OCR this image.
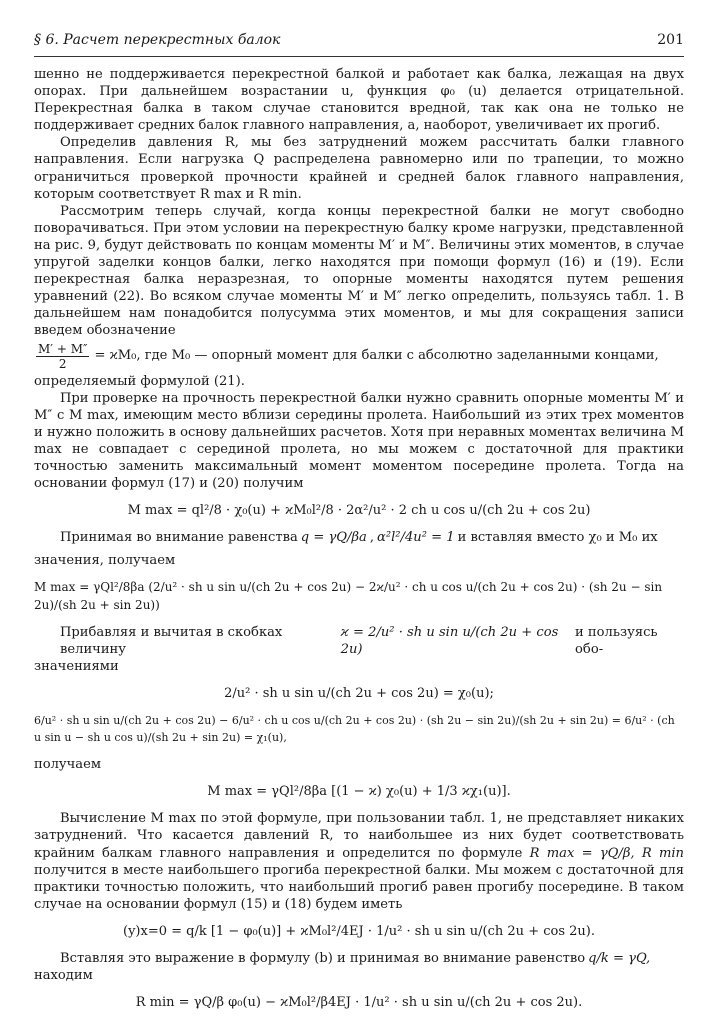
§ 6. Расчет перекрестных балок	201

шенно не поддерживается перекрестной балкой и работает как балка, лежащая на двух опорах. При дальнейшем возрастании u, функция φ₀ (u) делается отрицательной. Перекрестная балка в таком случае становится вредной, так как она не только не поддерживает средних балок главного направления, а, наоборот, увеличивает их прогиб.

Определив давления R, мы без затруднений можем рассчитать балки главного направления. Если нагрузка Q распределена равномерно или по трапеции, то можно ограничиться проверкой прочности крайней и средней балок главного направления, которым соответствует R max и R min.

Рассмотрим теперь случай, когда концы перекрестной балки не могут свободно поворачиваться. При этом условии на перекрестную балку кроме нагрузки, представленной на рис. 9, будут действовать по концам моменты M′ и M″. Величины этих моментов, в случае упругой заделки концов балки, легко находятся при помощи формул (16) и (19). Если перекрестная балка неразрезная, то опорные моменты находятся путем решения уравнений (22). Во всяком случае моменты M′ и M″ легко определить, пользуясь табл. 1. В дальнейшем нам понадобится полусумма этих моментов, и мы для сокращения записи введем обозначение

$\frac{M' + M''}{2} = ϰM_0$, где M₀ — опорный момент для балки с абсолютно заделанными концами,

определяемый формулой (21).

При проверке на прочность перекрестной балки нужно сравнить опорные моменты M′ и M″ с M max, имеющим место вблизи середины пролета. Наибольший из этих трех моментов и нужно положить в основу дальнейших расчетов. Хотя при неравных моментах величина M max не совпадает с серединой пролета, но мы можем с достаточной для практики точностью заменить максимальный момент моментом посередине пролета. Тогда на основании формул (17) и (20) получим

M max = ql²/8 · χ₀(u) + ϰM₀l²/8 · 2α²/u² · 2 ch u cos u/(ch 2u + cos 2u)
Принимая во внимание равенства q = γQ/βa , α²l²/4u² = 1 и вставляя вместо χ₀ и M₀ их

значения, получаем

M max = γQl²/8βa (2/u² · sh u sin u/(ch 2u + cos 2u) − 2ϰ/u² · ch u cos u/(ch 2u + cos 2u) · (sh 2u − sin 2u)/(sh 2u + sin 2u))
Прибавляя и вычитая в скобках величину
ϰ = 2/u² · sh u sin u/(ch 2u + cos 2u)
и пользуясь обо-

значениями

2/u² · sh u sin u/(ch 2u + cos 2u) = χ₀(u);
6/u² · sh u sin u/(ch 2u + cos 2u) − 6/u² · ch u cos u/(ch 2u + cos 2u) · (sh 2u − sin 2u)/(sh 2u + sin 2u) = 6/u² · (ch u sin u − sh u cos u)/(sh 2u + sin 2u) = χ₁(u),

получаем

M max = γQl²/8βa [(1 − ϰ) χ₀(u) + 1/3 ϰχ₁(u)].

Вычисление M max по этой формуле, при пользовании табл. 1, не представляет никаких затруднений. Что касается давлений R, то наибольшее из них будет соответствовать крайним балкам главного направления и определится по формуле R max = γQ/β, R min получится в месте наибольшего прогиба перекрестной балки. Мы можем с достаточной для практики точностью положить, что наибольший прогиб равен прогибу посередине. В таком случае на основании формул (15) и (18) будем иметь

(y)x=0 = q/k [1 − φ₀(u)] + ϰM₀l²/4EJ · 1/u² · sh u sin u/(ch 2u + cos 2u).
Вставляя это выражение в формулу (b) и принимая во внимание равенство q/k = γQ,

находим

R min = γQ/β φ₀(u) − ϰM₀l²/β4EJ · 1/u² · sh u sin u/(ch 2u + cos 2u).
